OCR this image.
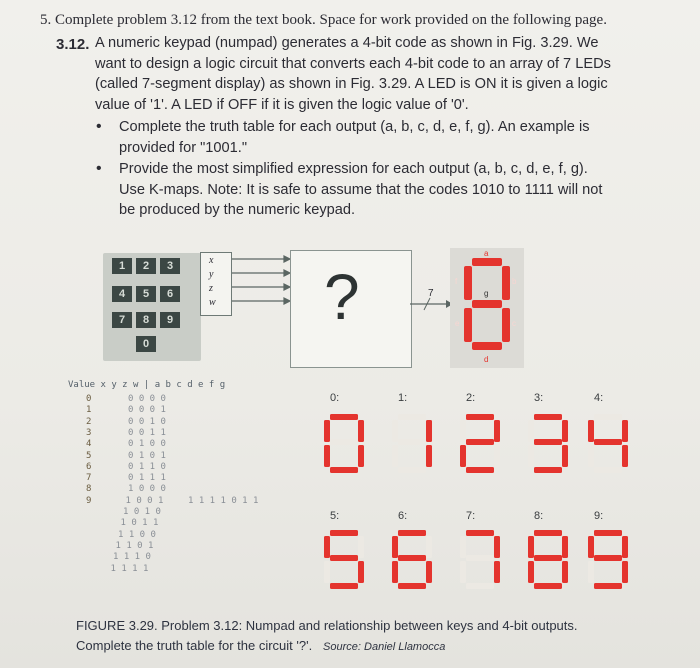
5. Complete problem 3.12 from the text book. Space for work provided on the following page.
3.12. A numeric keypad (numpad) generates a 4-bit code as shown in Fig. 3.29. We
want to design a logic circuit that converts each 4-bit code to an array of 7 LEDs
(called 7-segment display) as shown in Fig. 3.29. A LED is ON it is given a logic
value of '1'. A LED if OFF if it is given the logic value of '0'.
• Complete the truth table for each output (a, b, c, d, e, f, g). An example is
provided for "1001."
• Provide the most simplified expression for each output (a, b, c, d, e, f, g).
Use K-maps. Note: It is safe to assume that the codes 1010 to 1111 will not
be produced by the numeric keypad.
1	2	3
4	5	6
7	8	9
0
x
y
z
w ?	7
a
b
c
d
e
f
g
Value x y z w | a b c d e f g
0	0 0 0 0
1	0 0 0 1
2	0 0 1 0
3	0 0 1 1
4	0 1 0 0
5	0 1 0 1
6	0 1 1 0
7	0 1 1 1
8	1 0 0 0
9	1 0 0 1	1 1 1 1 0 1 1
1 0 1 0
1 0 1 1
1 1 0 0
1 1 0 1
1 1 1 0
1 1 1 1
0:	1:	2:	3:	4:
5:	6:	7:	8:	9:
FIGURE 3.29. Problem 3.12: Numpad and relationship between keys and 4-bit outputs.
Complete the truth table for the circuit '?'. Source: Daniel Llamocca
